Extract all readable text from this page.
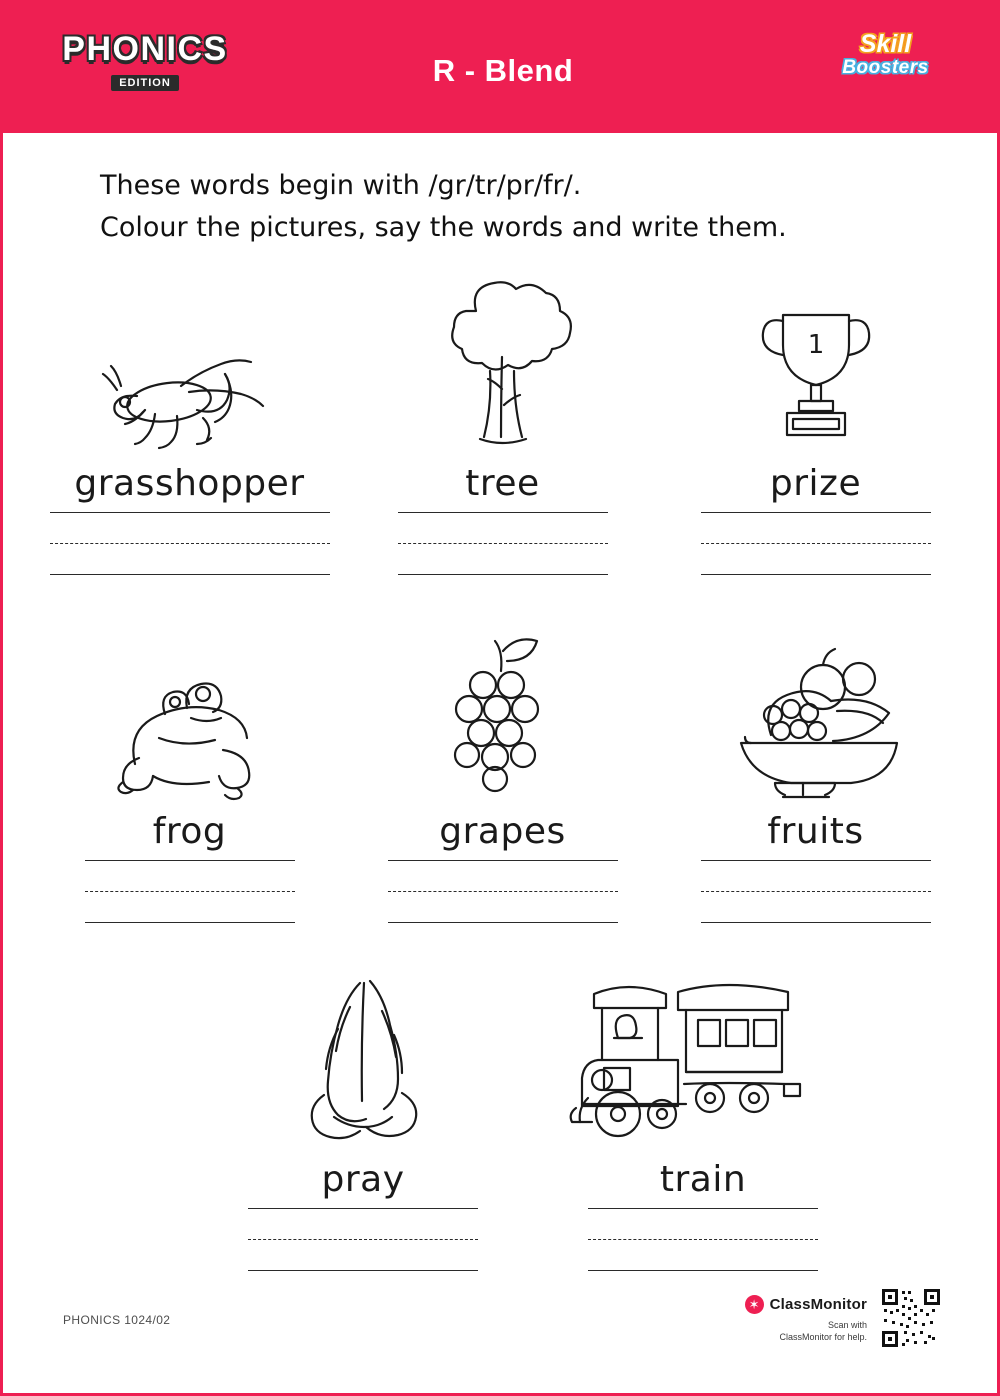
PHONICS
EDITION	R - Blend
Skill
Boosters
These words begin with /gr/tr/pr/fr/.

Colour the pictures, say the words and write them.
grasshopper	tree
1
prize
frog	grapes	fruits
pray	train
PHONICS 1024/02
✶ ClassMonitor
Scan with
ClassMonitor for help.
